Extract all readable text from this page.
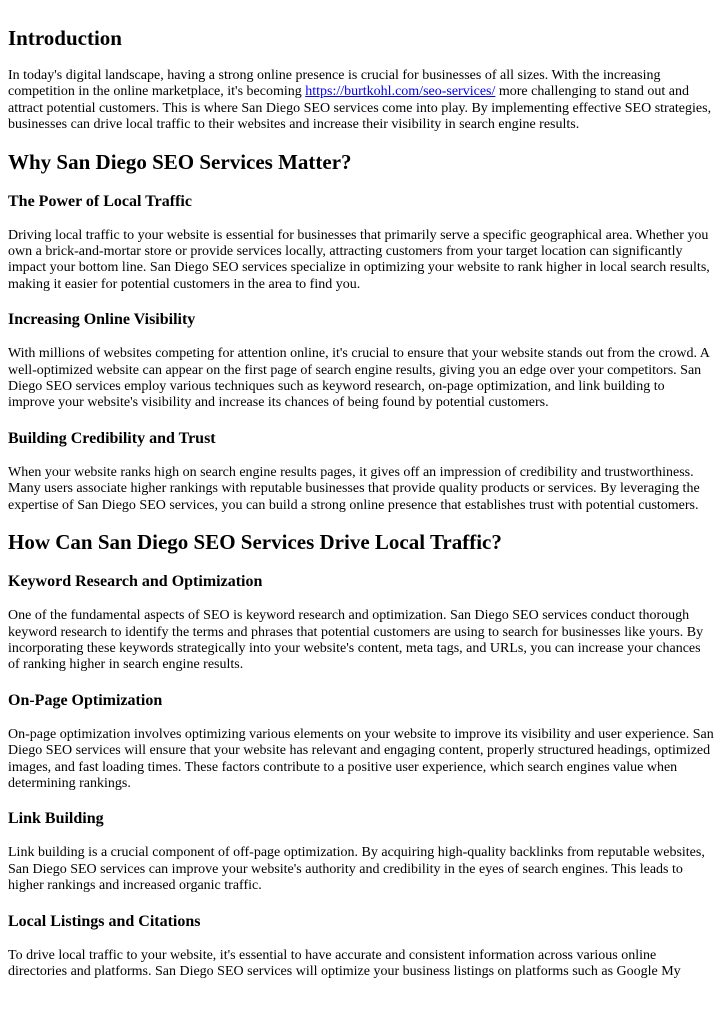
Introduction

In today's digital landscape, having a strong online presence is crucial for businesses of all sizes. With the increasing competition in the online marketplace, it's becoming https://burtkohl.com/seo-services/ more challenging to stand out and attract potential customers. This is where San Diego SEO services come into play. By implementing effective SEO strategies, businesses can drive local traffic to their websites and increase their visibility in search engine results.

Why San Diego SEO Services Matter?
The Power of Local Traffic

Driving local traffic to your website is essential for businesses that primarily serve a specific geographical area. Whether you own a brick-and-mortar store or provide services locally, attracting customers from your target location can significantly impact your bottom line. San Diego SEO services specialize in optimizing your website to rank higher in local search results, making it easier for potential customers in the area to find you.

Increasing Online Visibility

With millions of websites competing for attention online, it's crucial to ensure that your website stands out from the crowd. A well-optimized website can appear on the first page of search engine results, giving you an edge over your competitors. San Diego SEO services employ various techniques such as keyword research, on-page optimization, and link building to improve your website's visibility and increase its chances of being found by potential customers.

Building Credibility and Trust

When your website ranks high on search engine results pages, it gives off an impression of credibility and trustworthiness. Many users associate higher rankings with reputable businesses that provide quality products or services. By leveraging the expertise of San Diego SEO services, you can build a strong online presence that establishes trust with potential customers.

How Can San Diego SEO Services Drive Local Traffic?
Keyword Research and Optimization

One of the fundamental aspects of SEO is keyword research and optimization. San Diego SEO services conduct thorough keyword research to identify the terms and phrases that potential customers are using to search for businesses like yours. By incorporating these keywords strategically into your website's content, meta tags, and URLs, you can increase your chances of ranking higher in search engine results.

On-Page Optimization

On-page optimization involves optimizing various elements on your website to improve its visibility and user experience. San Diego SEO services will ensure that your website has relevant and engaging content, properly structured headings, optimized images, and fast loading times. These factors contribute to a positive user experience, which search engines value when determining rankings.

Link Building

Link building is a crucial component of off-page optimization. By acquiring high-quality backlinks from reputable websites, San Diego SEO services can improve your website's authority and credibility in the eyes of search engines. This leads to higher rankings and increased organic traffic.

Local Listings and Citations

To drive local traffic to your website, it's essential to have accurate and consistent information across various online directories and platforms. San Diego SEO services will optimize your business listings on platforms such as Google My
